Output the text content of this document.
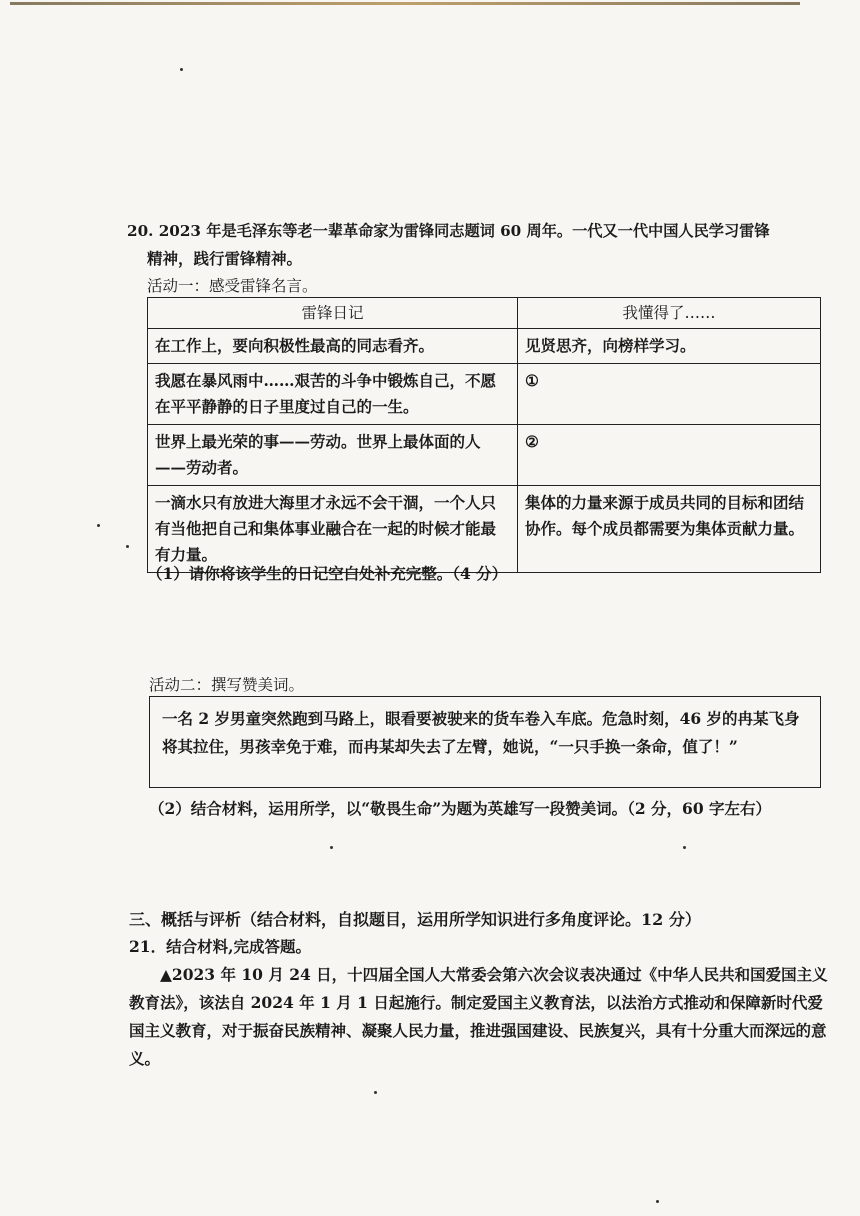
20. 2023 年是毛泽东等老一辈革命家为雷锋同志题词 60 周年。一代又一代中国人民学习雷锋
精神，践行雷锋精神。
活动一：感受雷锋名言。
雷锋日记	我懂得了……
在工作上，要向积极性最高的同志看齐。	见贤思齐，向榜样学习。
我愿在暴风雨中……艰苦的斗争中锻炼自己，不愿在平平静静的日子里度过自己的一生。	①
世界上最光荣的事——劳动。世界上最体面的人——劳动者。	②
一滴水只有放进大海里才永远不会干涸，一个人只有当他把自己和集体事业融合在一起的时候才能最有力量。	集体的力量来源于成员共同的目标和团结协作。每个成员都需要为集体贡献力量。
（1）请你将该学生的日记空白处补充完整。（4 分）
活动二：撰写赞美词。
一名 2 岁男童突然跑到马路上，眼看要被驶来的货车卷入车底。危急时刻，46 岁的冉某飞身将其拉住，男孩幸免于难，而冉某却失去了左臂，她说，“一只手换一条命，值了！”
（2）结合材料，运用所学，以“敬畏生命”为题为英雄写一段赞美词。（2 分，60 字左右）
三、概括与评析（结合材料，自拟题目，运用所学知识进行多角度评论。12 分）
21．结合材料,完成答题。
▲2023 年 10 月 24 日，十四届全国人大常委会第六次会议表决通过《中华人民共和国爱国主义教育法》，该法自 2024 年 1 月 1 日起施行。制定爱国主义教育法，以法治方式推动和保障新时代爱国主义教育，对于振奋民族精神、凝聚人民力量，推进强国建设、民族复兴，具有十分重大而深远的意义。
